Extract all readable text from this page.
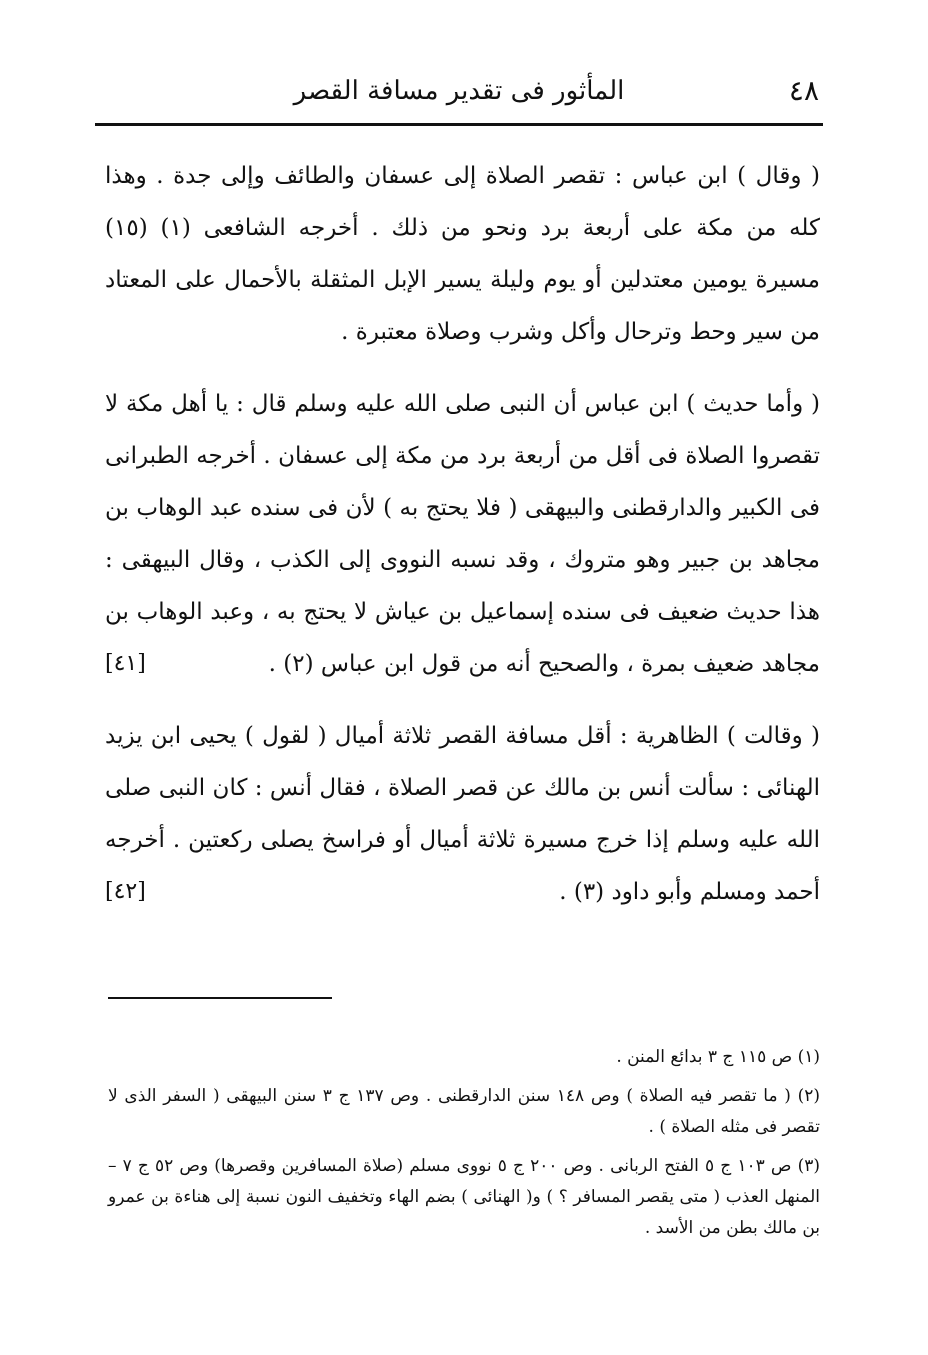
المأثور فى تقدير مسافة القصر	٤٨

( وقال ) ابن عباس : تقصر الصلاة إلى عسفان والطائف وإلى جدة . وهذا كله من مكة على أربعة برد ونحو من ذلك . أخرجه الشافعى (١) (١٥) مسيرة يومين معتدلين أو يوم وليلة يسير الإبل المثقلة بالأحمال على المعتاد من سير وحط وترحال وأكل وشرب وصلاة معتبرة .

( وأما حديث ) ابن عباس أن النبى صلى الله عليه وسلم قال : يا أهل مكة لا تقصروا الصلاة فى أقل من أربعة برد من مكة إلى عسفان . أخرجه الطبرانى فى الكبير والدارقطنى والبيهقى ( فلا يحتج به ) لأن فى سنده عبد الوهاب بن مجاهد بن جبير وهو متروك ، وقد نسبه النووى إلى الكذب ، وقال البيهقى : هذا حديث ضعيف فى سنده إسماعيل بن عياش لا يحتج به ، وعبد الوهاب بن مجاهد ضعيف بمرة ، والصحيح أنه من قول ابن عباس (٢) .
[٤١]

( وقالت ) الظاهرية : أقل مسافة القصر ثلاثة أميال ( لقول ) يحيى ابن يزيد الهنائى : سألت أنس بن مالك عن قصر الصلاة ، فقال أنس : كان النبى صلى الله عليه وسلم إذا خرج مسيرة ثلاثة أميال أو فراسخ يصلى ركعتين . أخرجه أحمد ومسلم وأبو داود (٣) .
[٤٢]

(١) ص ١١٥ ج ٣ بدائع المنن .

(٢) ( ما تقصر فيه الصلاة ) وص ١٤٨ سنن الدارقطنى . وص ١٣٧ ج ٣ سنن البيهقى ( السفر الذى لا تقصر فى مثله الصلاة ) .

(٣) ص ١٠٣ ج ٥ الفتح الربانى . وص ٢٠٠ ج ٥ نووى مسلم (صلاة المسافرين وقصرها) وص ٥٢ ج ٧ – المنهل العذب ( متى يقصر المسافر ؟ ) و( الهنائى ) بضم الهاء وتخفيف النون نسبة إلى هناءة بن عمرو بن مالك بطن من الأسد .
